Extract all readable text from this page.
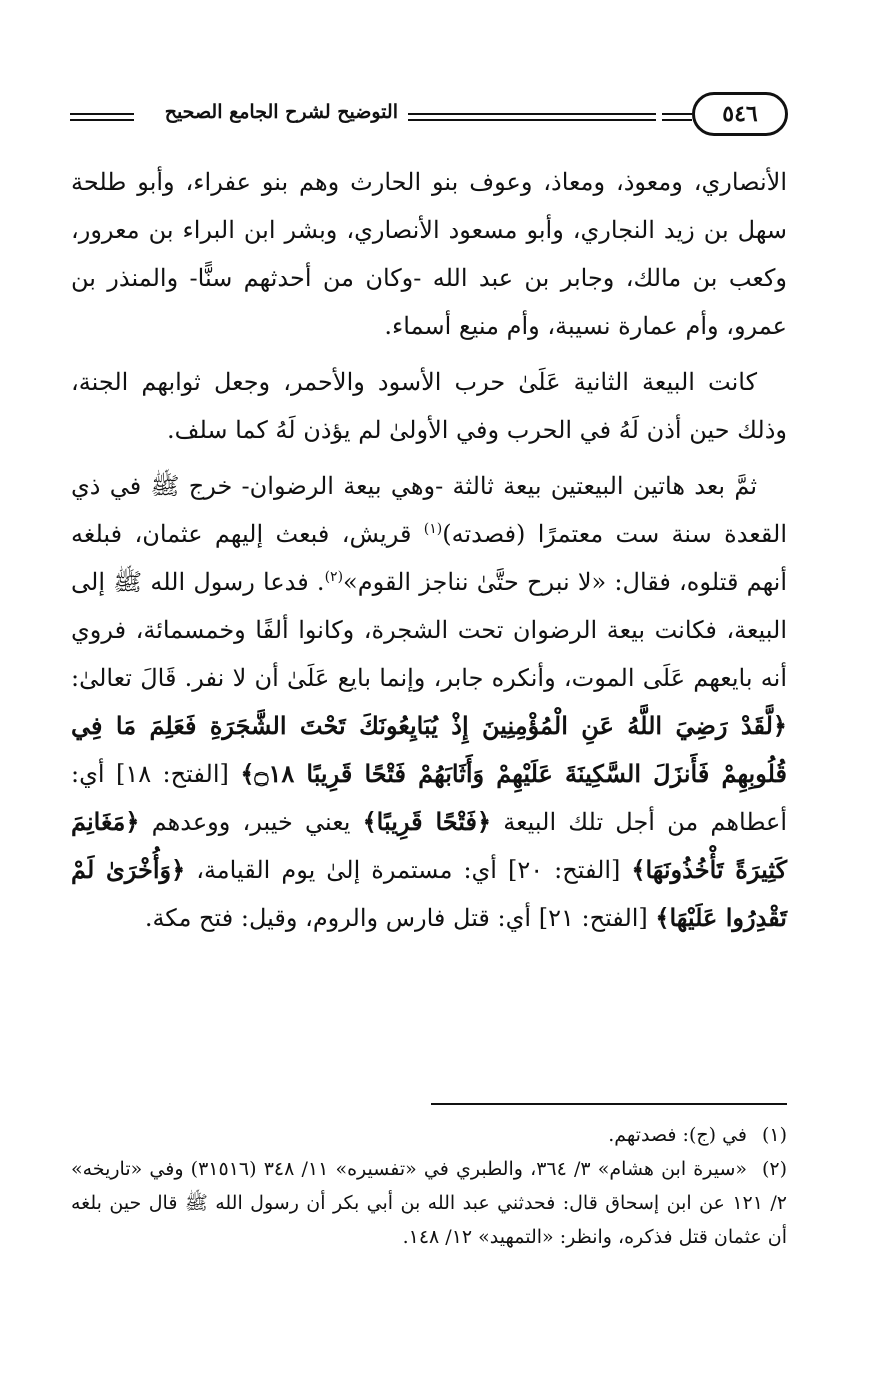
٥٤٦
التوضيح لشرح الجامع الصحيح

الأنصاري، ومعوذ، ومعاذ، وعوف بنو الحارث وهم بنو عفراء، وأبو طلحة سهل بن زيد النجاري، وأبو مسعود الأنصاري، وبشر ابن البراء بن معرور، وكعب بن مالك، وجابر بن عبد الله -وكان من أحدثهم سنًّا- والمنذر بن عمرو، وأم عمارة نسيبة، وأم منيع أسماء.

كانت البيعة الثانية عَلَىٰ حرب الأسود والأحمر، وجعل ثوابهم الجنة، وذلك حين أذن لَهُ في الحرب وفي الأولىٰ لم يؤذن لَهُ كما سلف.

ثمَّ بعد هاتين البيعتين بيعة ثالثة -وهي بيعة الرضوان- خرج ﷺ في ذي القعدة سنة ست معتمرًا (فصدته)$^{(١)}$ قريش، فبعث إليهم عثمان، فبلغه أنهم قتلوه، فقال: «لا نبرح حتَّىٰ نناجز القوم»$^{(٢)}$. فدعا رسول الله ﷺ إلى البيعة، فكانت بيعة الرضوان تحت الشجرة، وكانوا ألفًا وخمسمائة، فروي أنه بايعهم عَلَى الموت، وأنكره جابر، وإنما بايع عَلَىٰ أن لا نفر. قَالَ تعالىٰ: ﴿لَّقَدْ رَضِيَ اللَّهُ عَنِ الْمُؤْمِنِينَ إِذْ يُبَايِعُونَكَ تَحْتَ الشَّجَرَةِ فَعَلِمَ مَا فِي قُلُوبِهِمْ فَأَنزَلَ السَّكِينَةَ عَلَيْهِمْ وَأَثَابَهُمْ فَتْحًا قَرِيبًا ۝١٨﴾ [الفتح: ١٨] أي: أعطاهم من أجل تلك البيعة ﴿فَتْحًا قَرِيبًا﴾ يعني خيبر، ووعدهم ﴿مَغَانِمَ كَثِيرَةً تَأْخُذُونَهَا﴾ [الفتح: ٢٠] أي: مستمرة إلىٰ يوم القيامة، ﴿وَأُخْرَىٰ لَمْ تَقْدِرُوا عَلَيْهَا﴾ [الفتح: ٢١] أي: قتل فارس والروم، وقيل: فتح مكة.

(١)في (ج): فصدتهم.

(٢)«سيرة ابن هشام» ٣/ ٣٦٤، والطبري في «تفسيره» ١١/ ٣٤٨ (٣١٥١٦) وفي «تاريخه» ٢/ ١٢١ عن ابن إسحاق قال: فحدثني عبد الله بن أبي بكر أن رسول الله ﷺ قال حين بلغه أن عثمان قتل فذكره، وانظر: «التمهيد» ١٢/ ١٤٨.
